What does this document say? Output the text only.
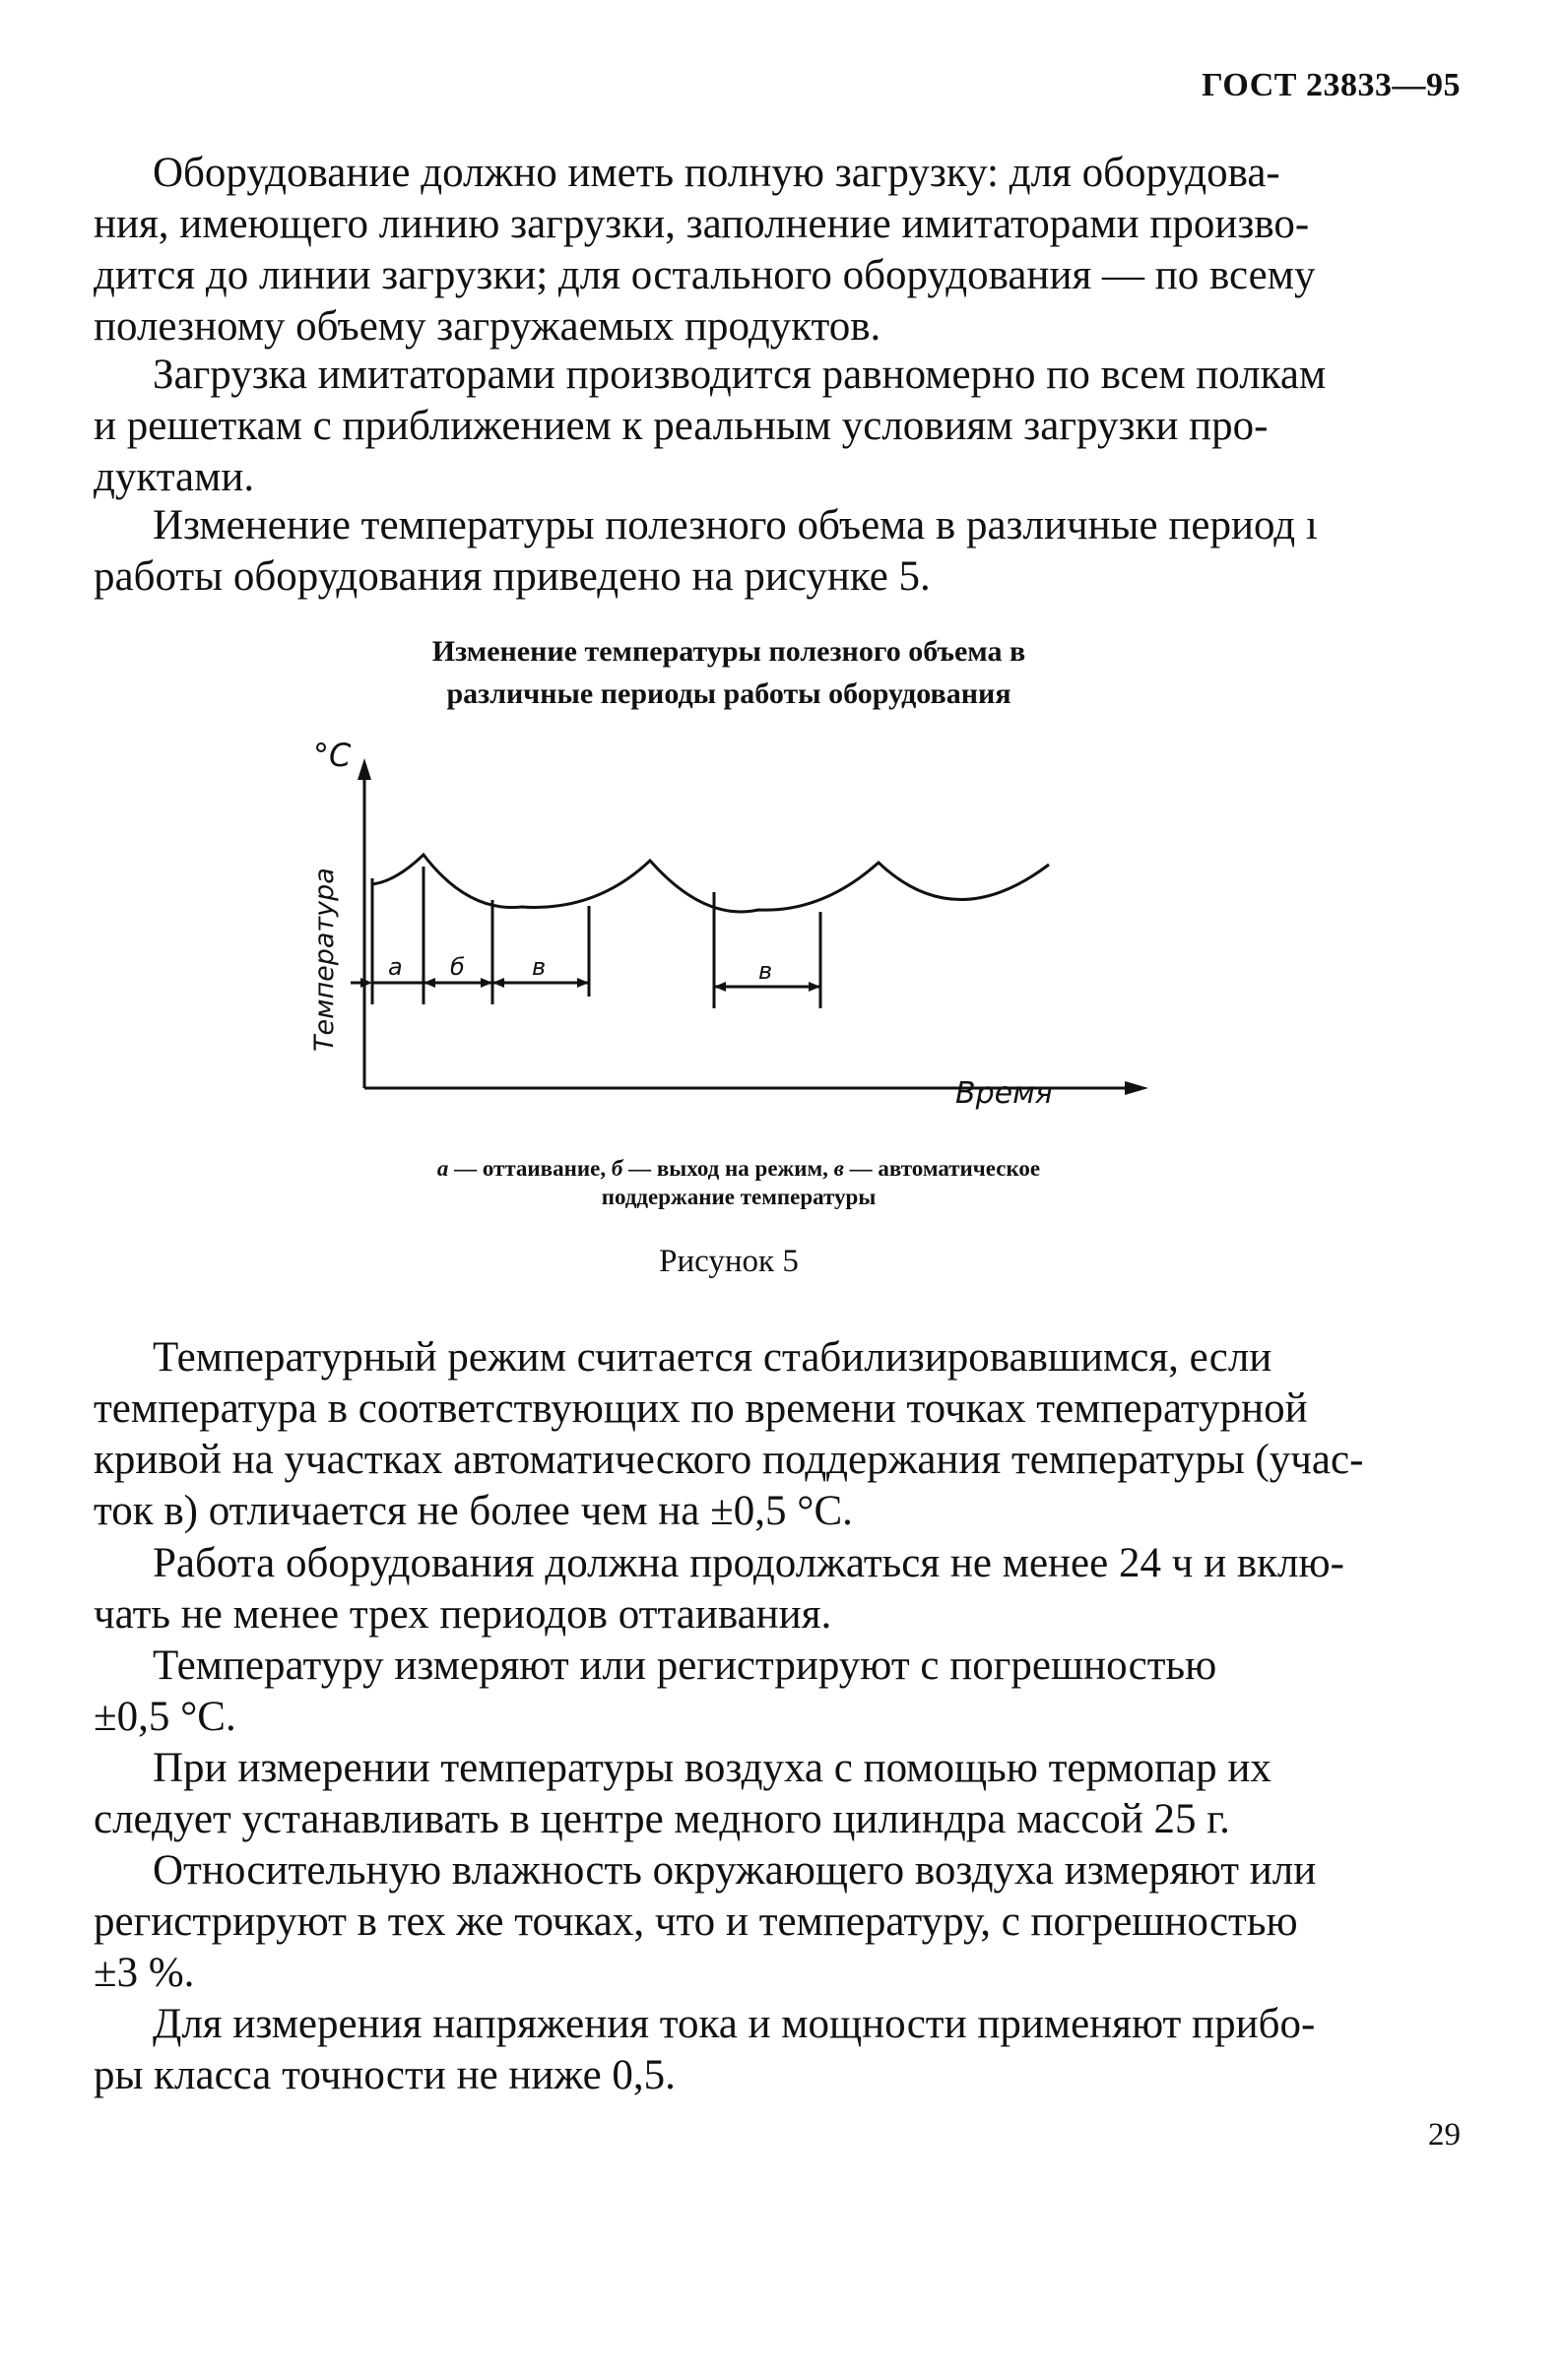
ГОСТ 23833—95

Оборудование должно иметь полную загрузку: для оборудова-
ния, имеющего линию загрузки, заполнение имитаторами произво-
дится до линии загрузки; для остального оборудования — по всему
полезному объему загружаемых продуктов.

Загрузка имитаторами производится равномерно по всем полкам
и решеткам с приближением к реальным условиям загрузки про-
дуктами.

Изменение температуры полезного объема в различные период ı
работы оборудования приведено на рисунке 5.

Изменение температуры полезного объема в
различные периоды работы оборудования
°C
Температура
Время
а б	в	в
а — оттаивание, б — выход на режим, в — автоматическое
поддержание температуры
Рисунок 5

Температурный режим считается стабилизировавшимся, если
температура в соответствующих по времени точках температурной
кривой на участках автоматического поддержания температуры (учас-
ток в) отличается не более чем на ±0,5 °С.

Работа оборудования должна продолжаться не менее 24 ч и вклю-
чать не менее трех периодов оттаивания.

Температуру измеряют или регистрируют с погрешностью
±0,5 °С.

При измерении температуры воздуха с помощью термопар их
следует устанавливать в центре медного цилиндра массой 25 г.

Относительную влажность окружающего воздуха измеряют или
регистрируют в тех же точках, что и температуру, с погрешностью
±3 %.

Для измерения напряжения тока и мощности применяют прибо-
ры класса точности не ниже 0,5.

29
